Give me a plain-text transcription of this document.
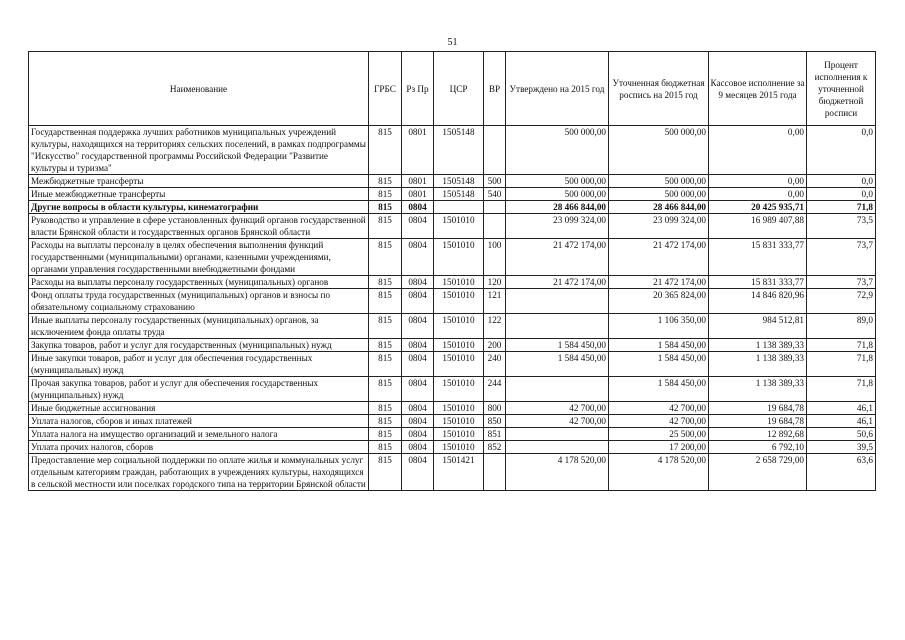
51
Наименование	ГРБС	Рз Пр	ЦСР	ВР	Утверждено на 2015 год	Уточненная бюджетная роспись на 2015 год	Кассовое исполнение за 9 месяцев 2015 года	Процент исполнения к уточненной бюджетной росписи
Государственная поддержка лучших работников муниципальных учреждений культуры, находящихся на территориях сельских поселений, в рамках подпрограммы "Искусство" государственной программы Российской Федерации "Развитие культуры и туризма"	815	0801	1505148		500 000,00	500 000,00	0,00	0,0
Межбюджетные трансферты	815	0801	1505148	500	500 000,00	500 000,00	0,00	0,0
Иные межбюджетные трансферты	815	0801	1505148	540	500 000,00	500 000,00	0,00	0,0
Другие вопросы в области культуры, кинематографии	815	0804			28 466 844,00	28 466 844,00	20 425 935,71	71,8
Руководство и управление в сфере установленных функций органов государственной власти Брянской области и государственных органов Брянской области	815	0804	1501010		23 099 324,00	23 099 324,00	16 989 407,88	73,5
Расходы на выплаты персоналу в целях обеспечения выполнения функций государственными (муниципальными) органами, казенными учреждениями, органами управления государственными внебюджетными фондами	815	0804	1501010	100	21 472 174,00	21 472 174,00	15 831 333,77	73,7
Расходы на выплаты персоналу государственных (муниципальных) органов	815	0804	1501010	120	21 472 174,00	21 472 174,00	15 831 333,77	73,7
Фонд оплаты труда государственных (муниципальных) органов и взносы по обязательному социальному страхованию	815	0804	1501010	121		20 365 824,00	14 846 820,96	72,9
Иные выплаты персоналу государственных (муниципальных) органов, за исключением фонда оплаты труда	815	0804	1501010	122		1 106 350,00	984 512,81	89,0
Закупка товаров, работ и услуг для государственных (муниципальных) нужд	815	0804	1501010	200	1 584 450,00	1 584 450,00	1 138 389,33	71,8
Иные закупки товаров, работ и услуг для обеспечения государственных (муниципальных) нужд	815	0804	1501010	240	1 584 450,00	1 584 450,00	1 138 389,33	71,8
Прочая закупка товаров, работ и услуг для обеспечения государственных (муниципальных) нужд	815	0804	1501010	244		1 584 450,00	1 138 389,33	71,8
Иные бюджетные ассигнования	815	0804	1501010	800	42 700,00	42 700,00	19 684,78	46,1
Уплата налогов, сборов и иных платежей	815	0804	1501010	850	42 700,00	42 700,00	19 684,78	46,1
Уплата налога на имущество организаций и земельного налога	815	0804	1501010	851		25 500,00	12 892,68	50,6
Уплата прочих налогов, сборов	815	0804	1501010	852		17 200,00	6 792,10	39,5
Предоставление мер социальной поддержки по оплате жилья и коммунальных услуг отдельным категориям граждан, работающих в учреждениях культуры, находящихся в сельской местности или поселках городского типа на территории Брянской области	815	0804	1501421		4 178 520,00	4 178 520,00	2 658 729,00	63,6
